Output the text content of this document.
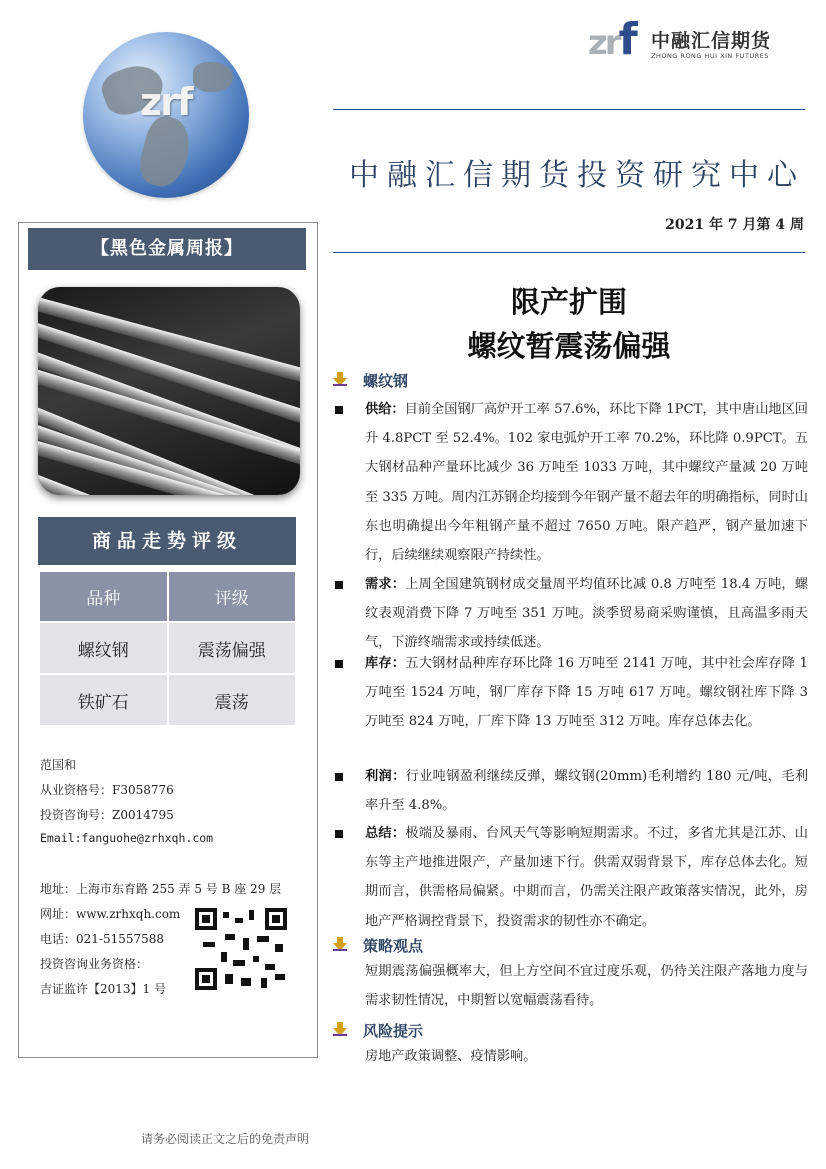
zrf
zrf 中融汇信期货
ZHONG RONG HUI XIN FUTURES
中融汇信期货投资研究中心
2021 年 7 月第 4 周
【黑色金属周报】
商品走势评级
品种	评级
螺纹钢	震荡偏强
铁矿石	震荡
范国和
从业资格号：F3058776
投资咨询号：Z0014795
Email:fanguohe@zrhxqh.com
地址：上海市东育路 255 弄 5 号 B 座 29 层
网址：www.zrhxqh.com
电话：021-51557588
投资咨询业务资格：
吉证监许【2013】1 号
请务必阅读正文之后的免责声明
限产扩围
螺纹暂震荡偏强
螺纹钢
供给：目前全国钢厂高炉开工率 57.6%，环比下降 1PCT，其中唐山地区回升 4.8PCT 至 52.4%。102 家电弧炉开工率 70.2%，环比降 0.9PCT。五大钢材品种产量环比减少 36 万吨至 1033 万吨，其中螺纹产量减 20 万吨至 335 万吨。周内江苏钢企均接到今年钢产量不超去年的明确指标，同时山东也明确提出今年粗钢产量不超过 7650 万吨。限产趋严，钢产量加速下行，后续继续观察限产持续性。
需求：上周全国建筑钢材成交量周平均值环比减 0.8 万吨至 18.4 万吨，螺纹表观消费下降 7 万吨至 351 万吨。淡季贸易商采购谨慎，且高温多雨天气，下游终端需求或持续低迷。
库存：五大钢材品种库存环比降 16 万吨至 2141 万吨，其中社会库存降 1 万吨至 1524 万吨，钢厂库存下降 15 万吨 617 万吨。螺纹钢社库下降 3 万吨至 824 万吨，厂库下降 13 万吨至 312 万吨。库存总体去化。
利润：行业吨钢盈利继续反弹，螺纹钢(20mm)毛利增约 180 元/吨，毛利率升至 4.8%。
总结：极端及暴雨、台风天气等影响短期需求。不过，多省尤其是江苏、山东等主产地推进限产，产量加速下行。供需双弱背景下，库存总体去化。短期而言，供需格局偏紧。中期而言，仍需关注限产政策落实情况，此外，房地产严格调控背景下，投资需求的韧性亦不确定。
策略观点
短期震荡偏强概率大，但上方空间不宜过度乐观，仍待关注限产落地力度与需求韧性情况，中期暂以宽幅震荡看待。
风险提示
房地产政策调整、疫情影响。
